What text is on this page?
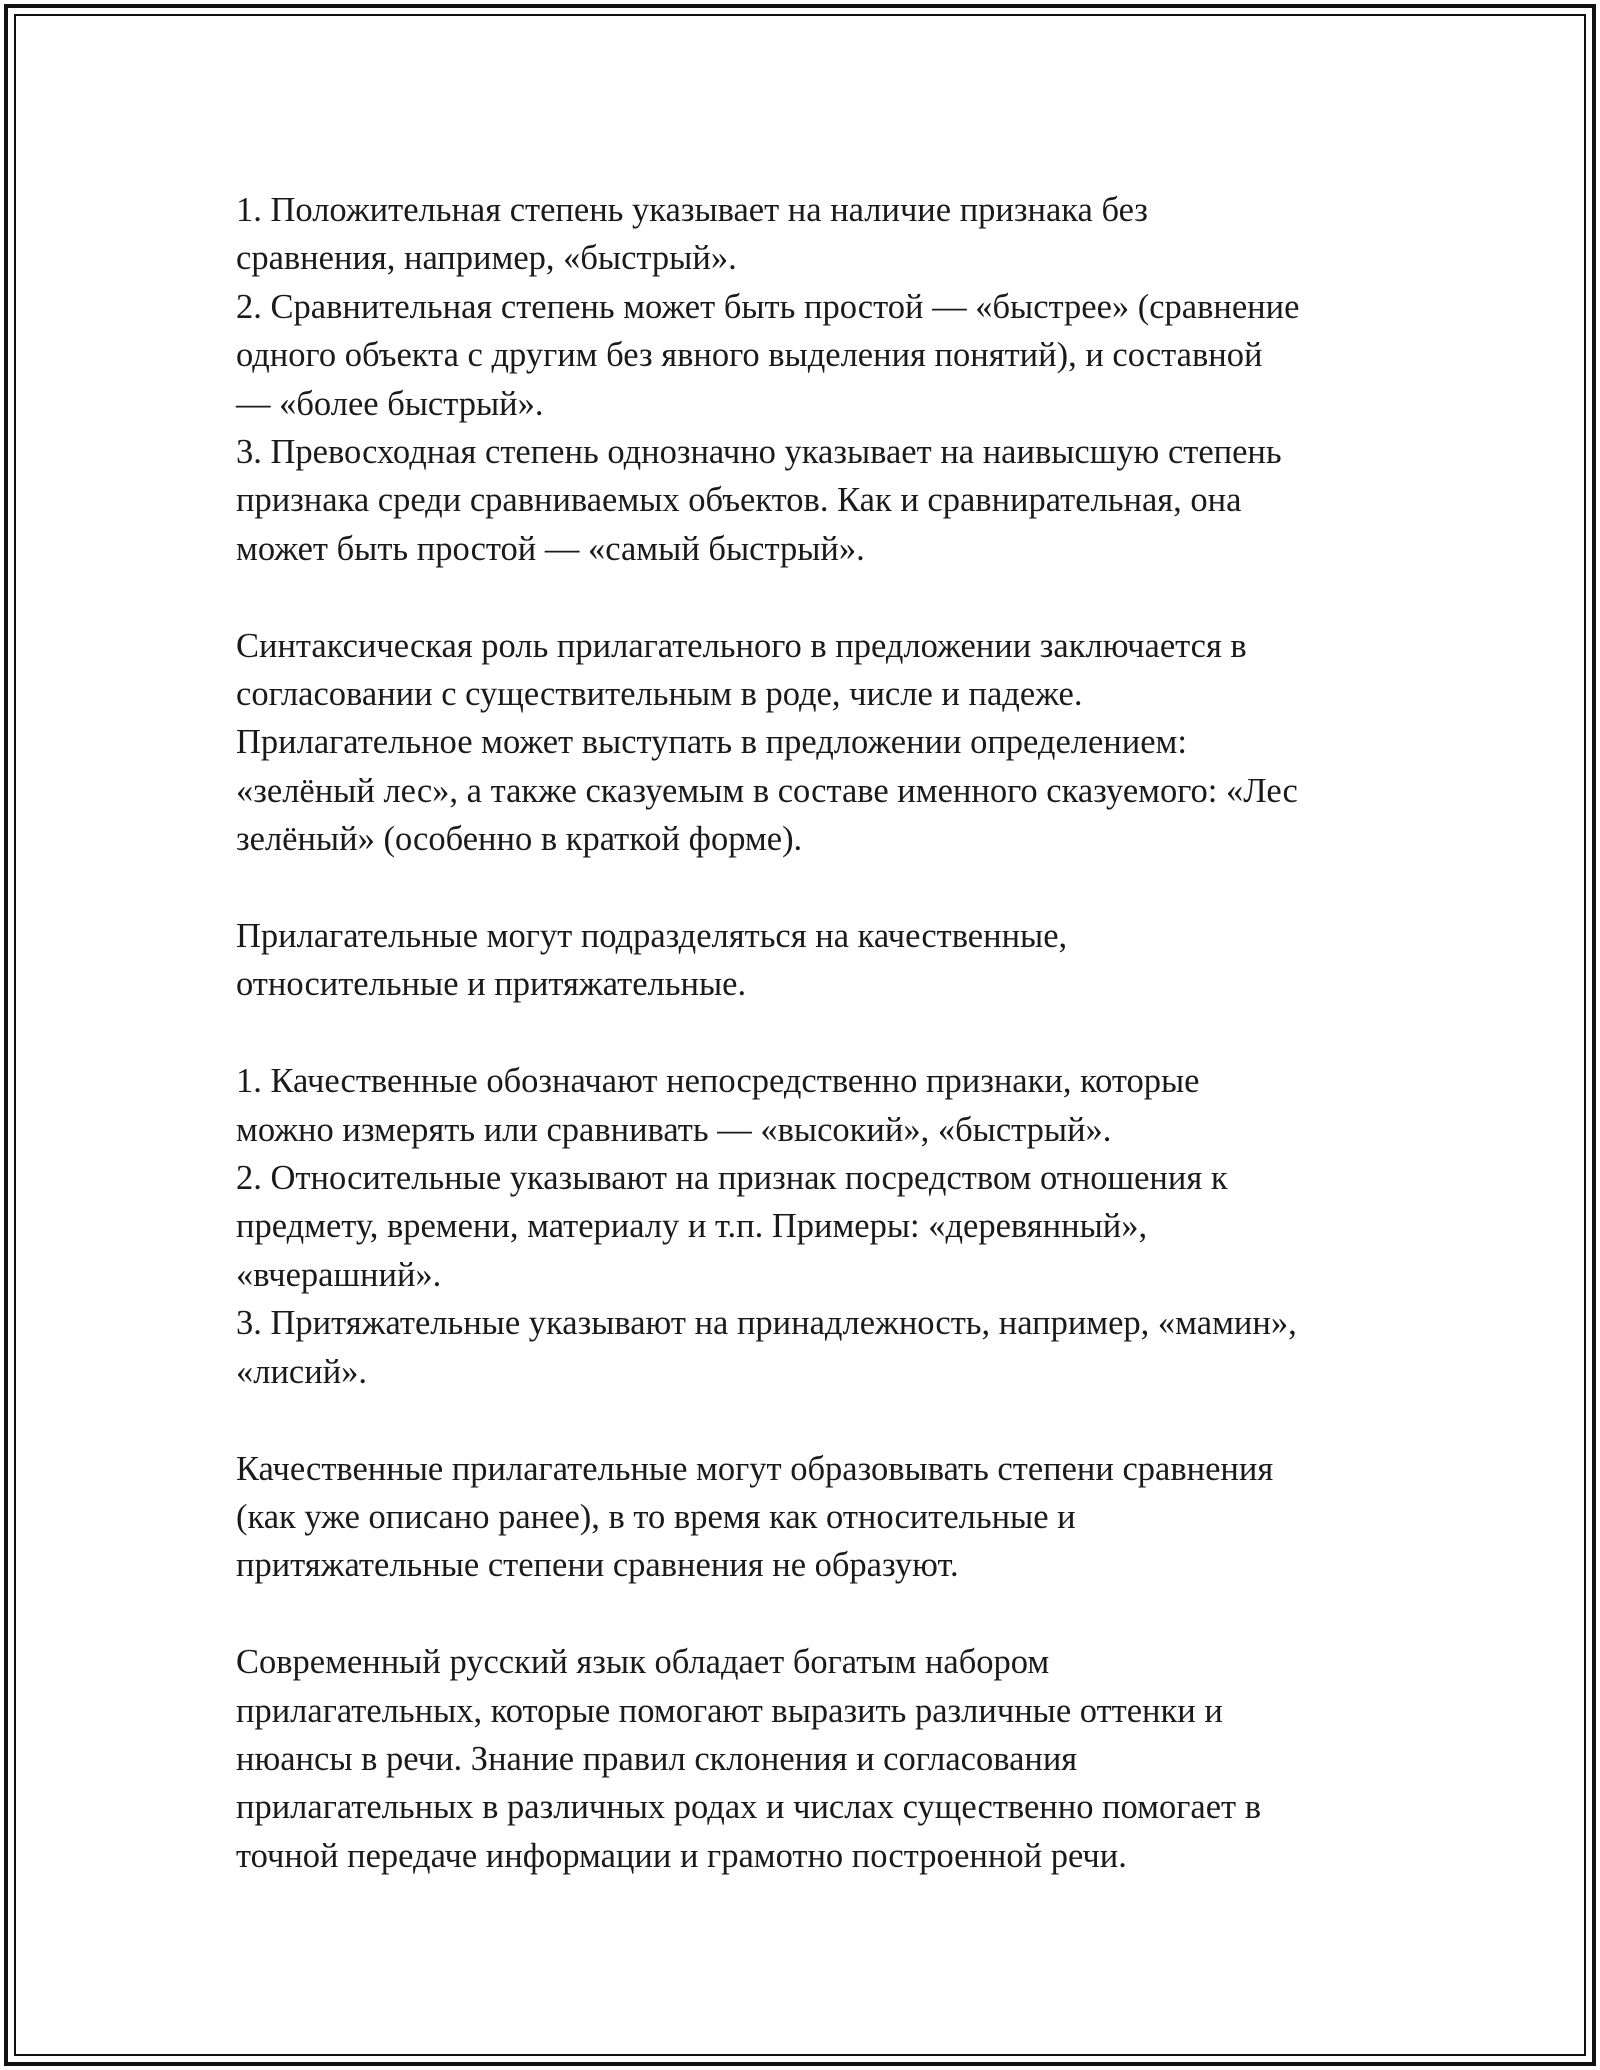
1. Положительная степень указывает на наличие признака без
сравнения, например, «быстрый».
2. Сравнительная степень может быть простой — «быстрее» (сравнение
одного объекта с другим без явного выделения понятий), и составной
— «более быстрый».
3. Превосходная степень однозначно указывает на наивысшую степень
признака среди сравниваемых объектов. Как и сравнирательная, она
может быть простой — «самый быстрый».

Синтаксическая роль прилагательного в предложении заключается в
согласовании с существительным в роде, числе и падеже.
Прилагательное может выступать в предложении определением:
«зелёный лес», а также сказуемым в составе именного сказуемого: «Лес
зелёный» (особенно в краткой форме).

Прилагательные могут подразделяться на качественные,
относительные и притяжательные.

1. Качественные обозначают непосредственно признаки, которые
можно измерять или сравнивать — «высокий», «быстрый».
2. Относительные указывают на признак посредством отношения к
предмету, времени, материалу и т.п. Примеры: «деревянный»,
«вчерашний».
3. Притяжательные указывают на принадлежность, например, «мамин»,
«лисий».

Качественные прилагательные могут образовывать степени сравнения
(как уже описано ранее), в то время как относительные и
притяжательные степени сравнения не образуют.

Современный русский язык обладает богатым набором
прилагательных, которые помогают выразить различные оттенки и
нюансы в речи. Знание правил склонения и согласования
прилагательных в различных родах и числах существенно помогает в
точной передаче информации и грамотно построенной речи.
